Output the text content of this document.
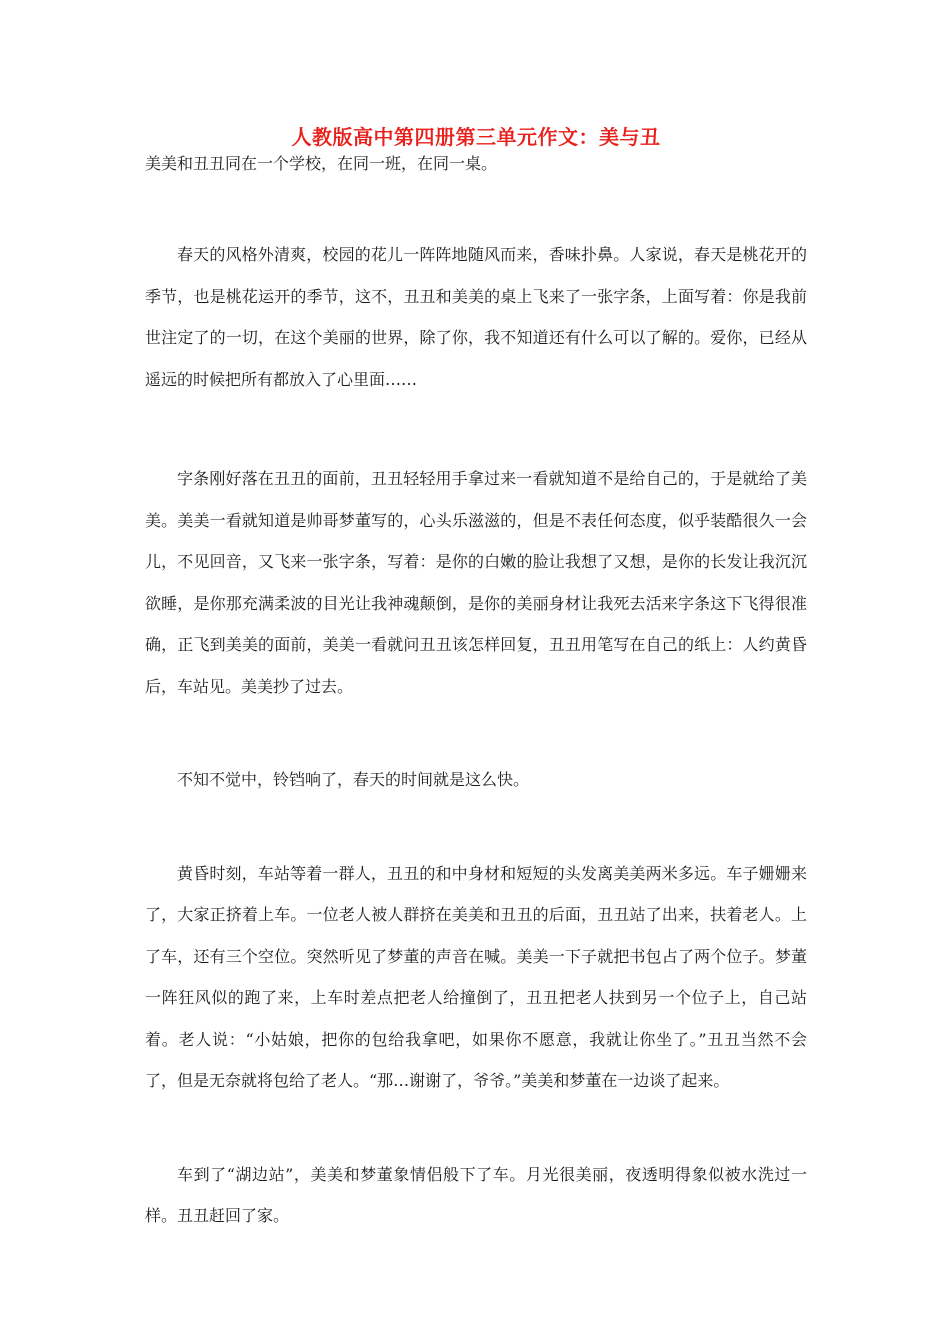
人教版高中第四册第三单元作文：美与丑

美美和丑丑同在一个学校，在同一班，在同一桌。

春天的风格外清爽，校园的花儿一阵阵地随风而来，香味扑鼻。人家说，春天是桃花开的季节，也是桃花运开的季节，这不，丑丑和美美的桌上飞来了一张字条，上面写着：你是我前世注定了的一切，在这个美丽的世界，除了你，我不知道还有什么可以了解的。爱你，已经从遥远的时候把所有都放入了心里面……

字条刚好落在丑丑的面前，丑丑轻轻用手拿过来一看就知道不是给自己的，于是就给了美美。美美一看就知道是帅哥梦董写的，心头乐滋滋的，但是不表任何态度，似乎装酷很久一会儿，不见回音，又飞来一张字条，写着：是你的白嫩的脸让我想了又想，是你的长发让我沉沉欲睡，是你那充满柔波的目光让我神魂颠倒，是你的美丽身材让我死去活来字条这下飞得很准确，正飞到美美的面前，美美一看就问丑丑该怎样回复，丑丑用笔写在自己的纸上：人约黄昏后，车站见。美美抄了过去。

不知不觉中，铃铛响了，春天的时间就是这么快。

黄昏时刻，车站等着一群人，丑丑的和中身材和短短的头发离美美两米多远。车子姗姗来了，大家正挤着上车。一位老人被人群挤在美美和丑丑的后面，丑丑站了出来，扶着老人。上了车，还有三个空位。突然听见了梦董的声音在喊。美美一下子就把书包占了两个位子。梦董一阵狂风似的跑了来，上车时差点把老人给撞倒了，丑丑把老人扶到另一个位子上，自己站着。老人说：“小姑娘，把你的包给我拿吧，如果你不愿意，我就让你坐了。”丑丑当然不会了，但是无奈就将包给了老人。“那…谢谢了，爷爷。”美美和梦董在一边谈了起来。

车到了“湖边站”，美美和梦董象情侣般下了车。月光很美丽，夜透明得象似被水洗过一样。丑丑赶回了家。
